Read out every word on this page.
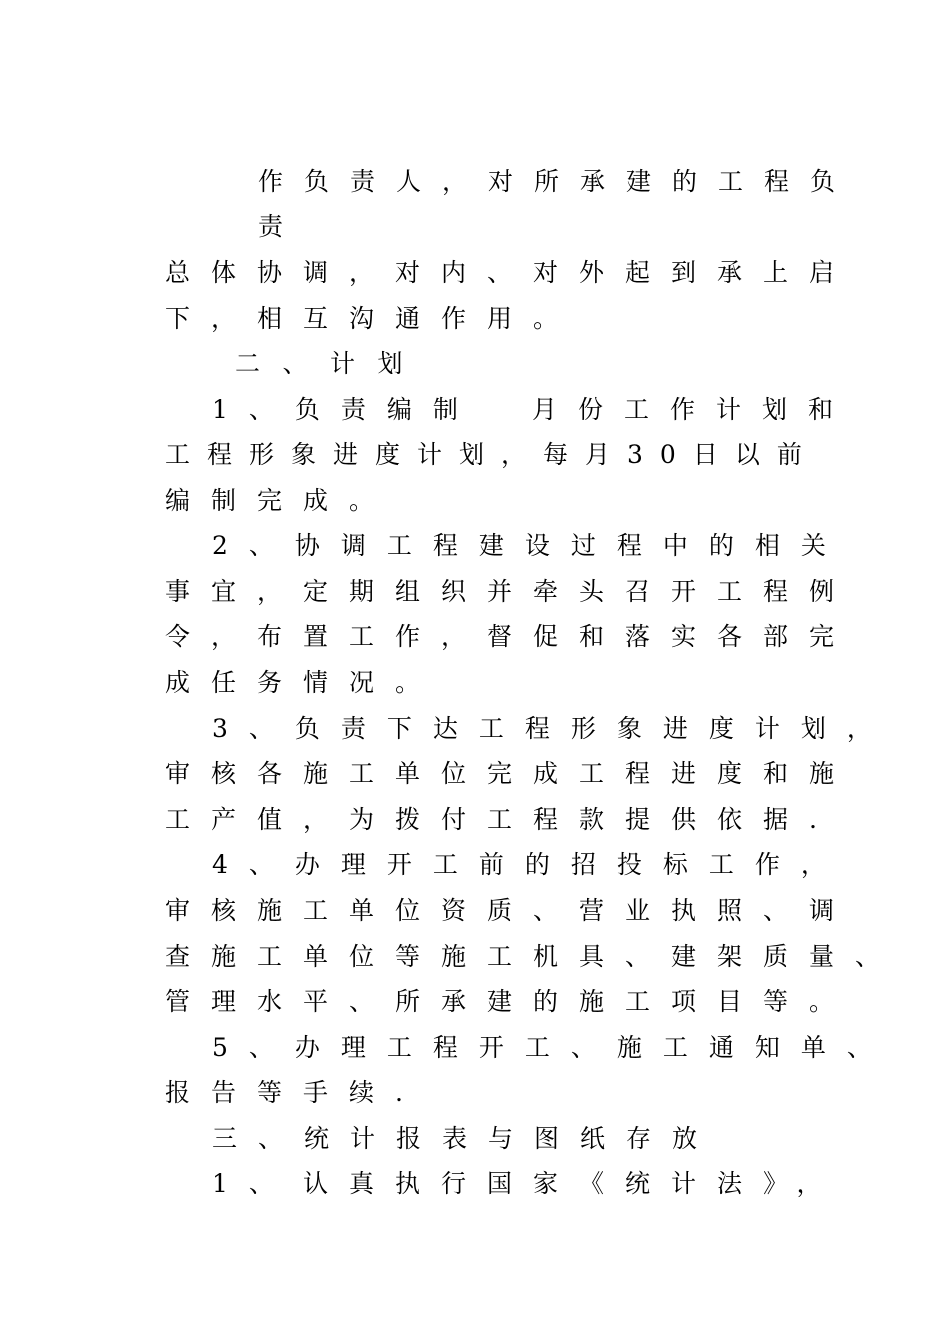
作负责人，对所承建的工程负
责
总体协调，对内、对外起到承上启
下，相互沟通作用。
二、计划
1、负责编制 月份工作计划和
工程形象进度计划，每月30日以前
编制完成。
2、协调工程建设过程中的相关
事宜，定期组织并牵头召开工程例
令，布置工作，督促和落实各部完
成任务情况。
3、负责下达工程形象进度计划，
审核各施工单位完成工程进度和施
工产值，为拨付工程款提供依据.
4、办理开工前的招投标工作，
审核施工单位资质、营业执照、调
查施工单位等施工机具、建架质量、
管理水平、所承建的施工项目等。
5、办理工程开工、施工通知单、
报告等手续.
三、统计报表与图纸存放
1、 认真执行国家《统计法》，
